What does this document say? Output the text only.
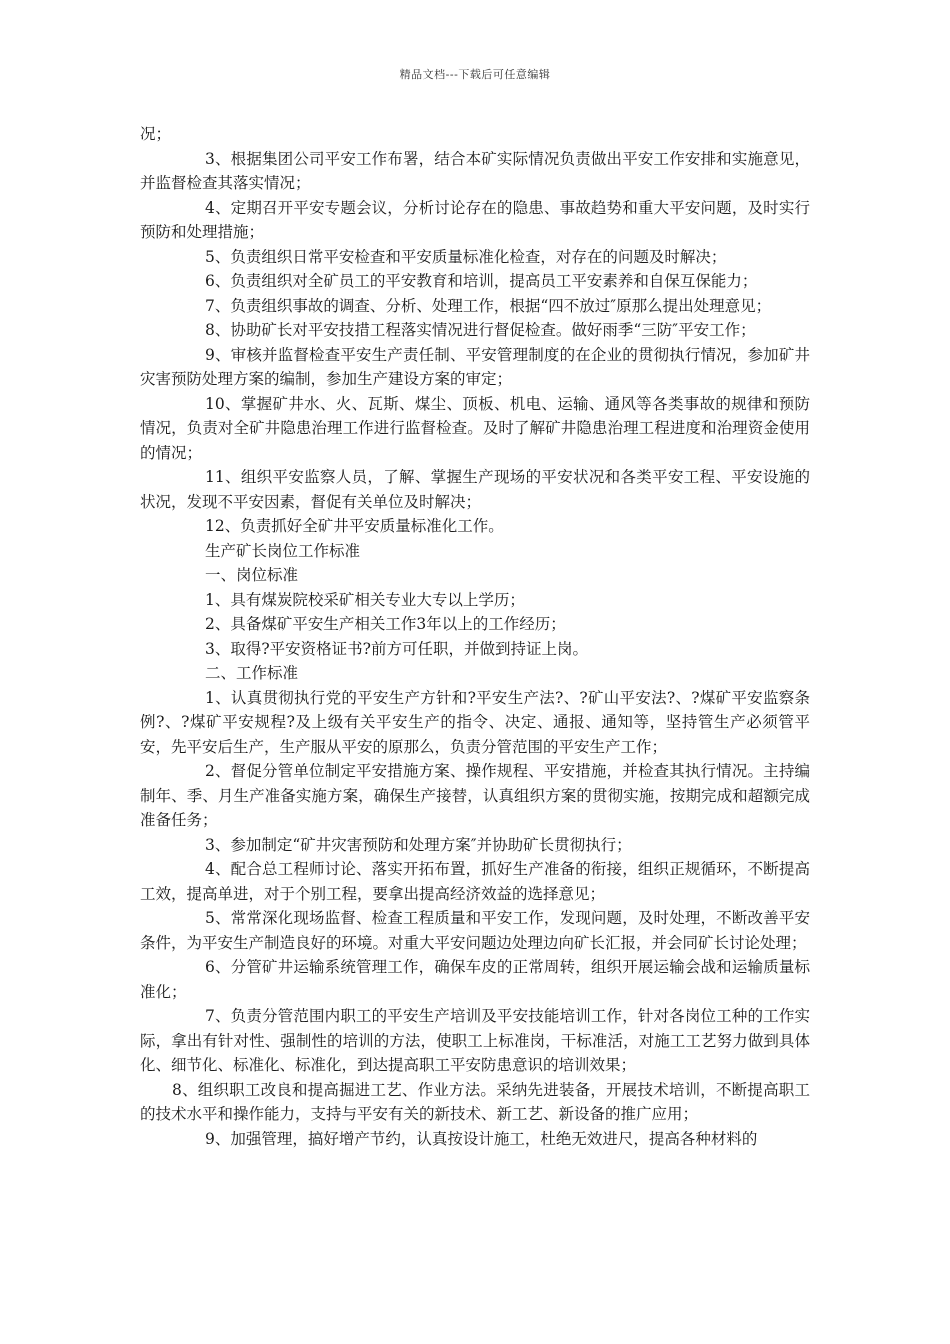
精品文档---下载后可任意编辑

况；

3、根据集团公司平安工作布署，结合本矿实际情况负责做出平安工作安排和实施意见，并监督检查其落实情况；

4、定期召开平安专题会议，分析讨论存在的隐患、事故趋势和重大平安问题，及时实行预防和处理措施；

5、负责组织日常平安检查和平安质量标准化检查，对存在的问题及时解决；

6、负责组织对全矿员工的平安教育和培训，提高员工平安素养和自保互保能力；

7、负责组织事故的调查、分析、处理工作，根据“四不放过″原那么提出处理意见；

8、协助矿长对平安技措工程落实情况进行督促检查。做好雨季“三防″平安工作；

9、审核并监督检查平安生产责任制、平安管理制度的在企业的贯彻执行情况，参加矿井灾害预防处理方案的编制，参加生产建设方案的审定；

10、掌握矿井水、火、瓦斯、煤尘、顶板、机电、运输、通风等各类事故的规律和预防情况，负责对全矿井隐患治理工作进行监督检查。及时了解矿井隐患治理工程进度和治理资金使用的情况；

11、组织平安监察人员，了解、掌握生产现场的平安状况和各类平安工程、平安设施的状况，发现不平安因素，督促有关单位及时解决；

12、负责抓好全矿井平安质量标准化工作。

生产矿长岗位工作标准

一、岗位标准

1、具有煤炭院校采矿相关专业大专以上学历；

2、具备煤矿平安生产相关工作3年以上的工作经历；

3、取得?平安资格证书?前方可任职，并做到持证上岗。

二、工作标准

1、认真贯彻执行党的平安生产方针和?平安生产法?、?矿山平安法?、?煤矿平安监察条例?、?煤矿平安规程?及上级有关平安生产的指令、决定、通报、通知等，坚持管生产必须管平安，先平安后生产，生产服从平安的原那么，负责分管范围的平安生产工作；

2、督促分管单位制定平安措施方案、操作规程、平安措施，并检查其执行情况。主持编制年、季、月生产准备实施方案，确保生产接替，认真组织方案的贯彻实施，按期完成和超额完成准备任务；

3、参加制定“矿井灾害预防和处理方案″并协助矿长贯彻执行；

4、配合总工程师讨论、落实开拓布置，抓好生产准备的衔接，组织正规循环，不断提高工效，提高单进，对于个别工程，要拿出提高经济效益的选择意见；

5、常常深化现场监督、检查工程质量和平安工作，发现问题，及时处理，不断改善平安条件，为平安生产制造良好的环境。对重大平安问题边处理边向矿长汇报，并会同矿长讨论处理；

6、分管矿井运输系统管理工作，确保车皮的正常周转，组织开展运输会战和运输质量标准化；

7、负责分管范围内职工的平安生产培训及平安技能培训工作，针对各岗位工种的工作实际，拿出有针对性、强制性的培训的方法，使职工上标准岗，干标准活，对施工工艺努力做到具体化、细节化、标准化、标准化，到达提高职工平安防患意识的培训效果；

8、组织职工改良和提高掘进工艺、作业方法。采纳先进装备，开展技术培训，不断提高职工的技术水平和操作能力，支持与平安有关的新技术、新工艺、新设备的推广应用；

9、加强管理，搞好增产节约，认真按设计施工，杜绝无效进尺，提高各种材料的
